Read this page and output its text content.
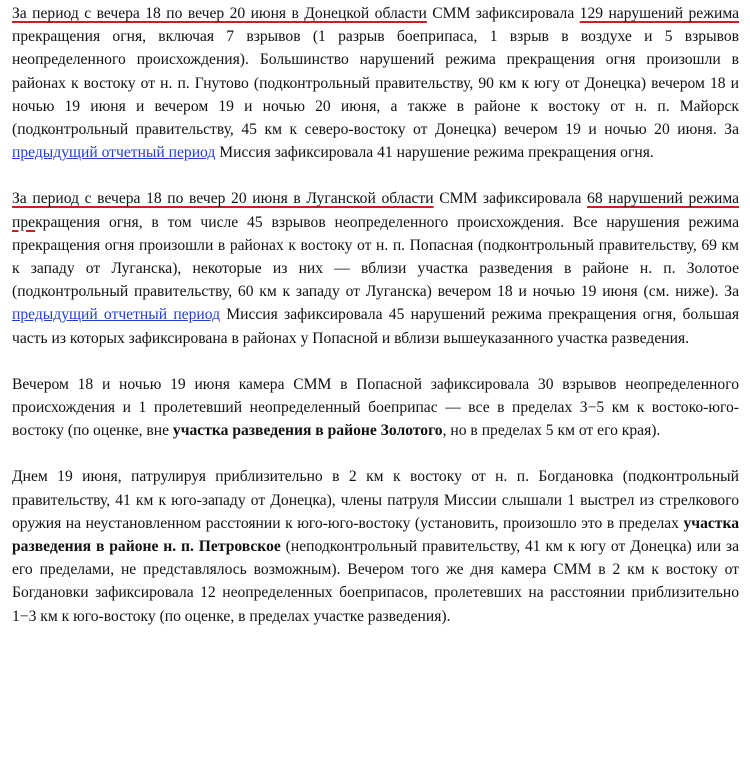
За период с вечера 18 по вечер 20 июня в Донецкой области СММ зафиксировала 129 нарушений режима прекращения огня, включая 7 взрывов (1 разрыв боеприпаса, 1 взрыв в воздухе и 5 взрывов неопределенного происхождения). Большинство нарушений режима прекращения огня произошли в районах к востоку от н. п. Гнутово (подконтрольный правительству, 90 км к югу от Донецка) вечером 18 и ночью 19 июня и вечером 19 и ночью 20 июня, а также в районе к востоку от н. п. Майорск (подконтрольный правительству, 45 км к северо-востоку от Донецка) вечером 19 и ночью 20 июня. За предыдущий отчетный период Миссия зафиксировала 41 нарушение режима прекращения огня.

За период с вечера 18 по вечер 20 июня в Луганской области СММ зафиксировала 68 нарушений режима прекращения огня, в том числе 45 взрывов неопределенного происхождения. Все нарушения режима прекращения огня произошли в районах к востоку от н. п. Попасная (подконтрольный правительству, 69 км к западу от Луганска), некоторые из них — вблизи участка разведения в районе н. п. Золотое (подконтрольный правительству, 60 км к западу от Луганска) вечером 18 и ночью 19 июня (см. ниже). За предыдущий отчетный период Миссия зафиксировала 45 нарушений режима прекращения огня, большая часть из которых зафиксирована в районах у Попасной и вблизи вышеуказанного участка разведения.

Вечером 18 и ночью 19 июня камера СММ в Попасной зафиксировала 30 взрывов неопределенного происхождения и 1 пролетевший неопределенный боеприпас — все в пределах 3−5 км к востоко-юго-востоку (по оценке, вне участка разведения в районе Золотого, но в пределах 5 км от его края).

Днем 19 июня, патрулируя приблизительно в 2 км к востоку от н. п. Богдановка (подконтрольный правительству, 41 км к юго-западу от Донецка), члены патруля Миссии слышали 1 выстрел из стрелкового оружия на неустановленном расстоянии к юго-юго-востоку (установить, произошло это в пределах участка разведения в районе н. п. Петровское (неподконтрольный правительству, 41 км к югу от Донецка) или за его пределами, не представлялось возможным). Вечером того же дня камера СММ в 2 км к востоку от Богдановки зафиксировала 12 неопределенных боеприпасов, пролетевших на расстоянии приблизительно 1−3 км к юго-востоку (по оценке, в пределах участке разведения).
